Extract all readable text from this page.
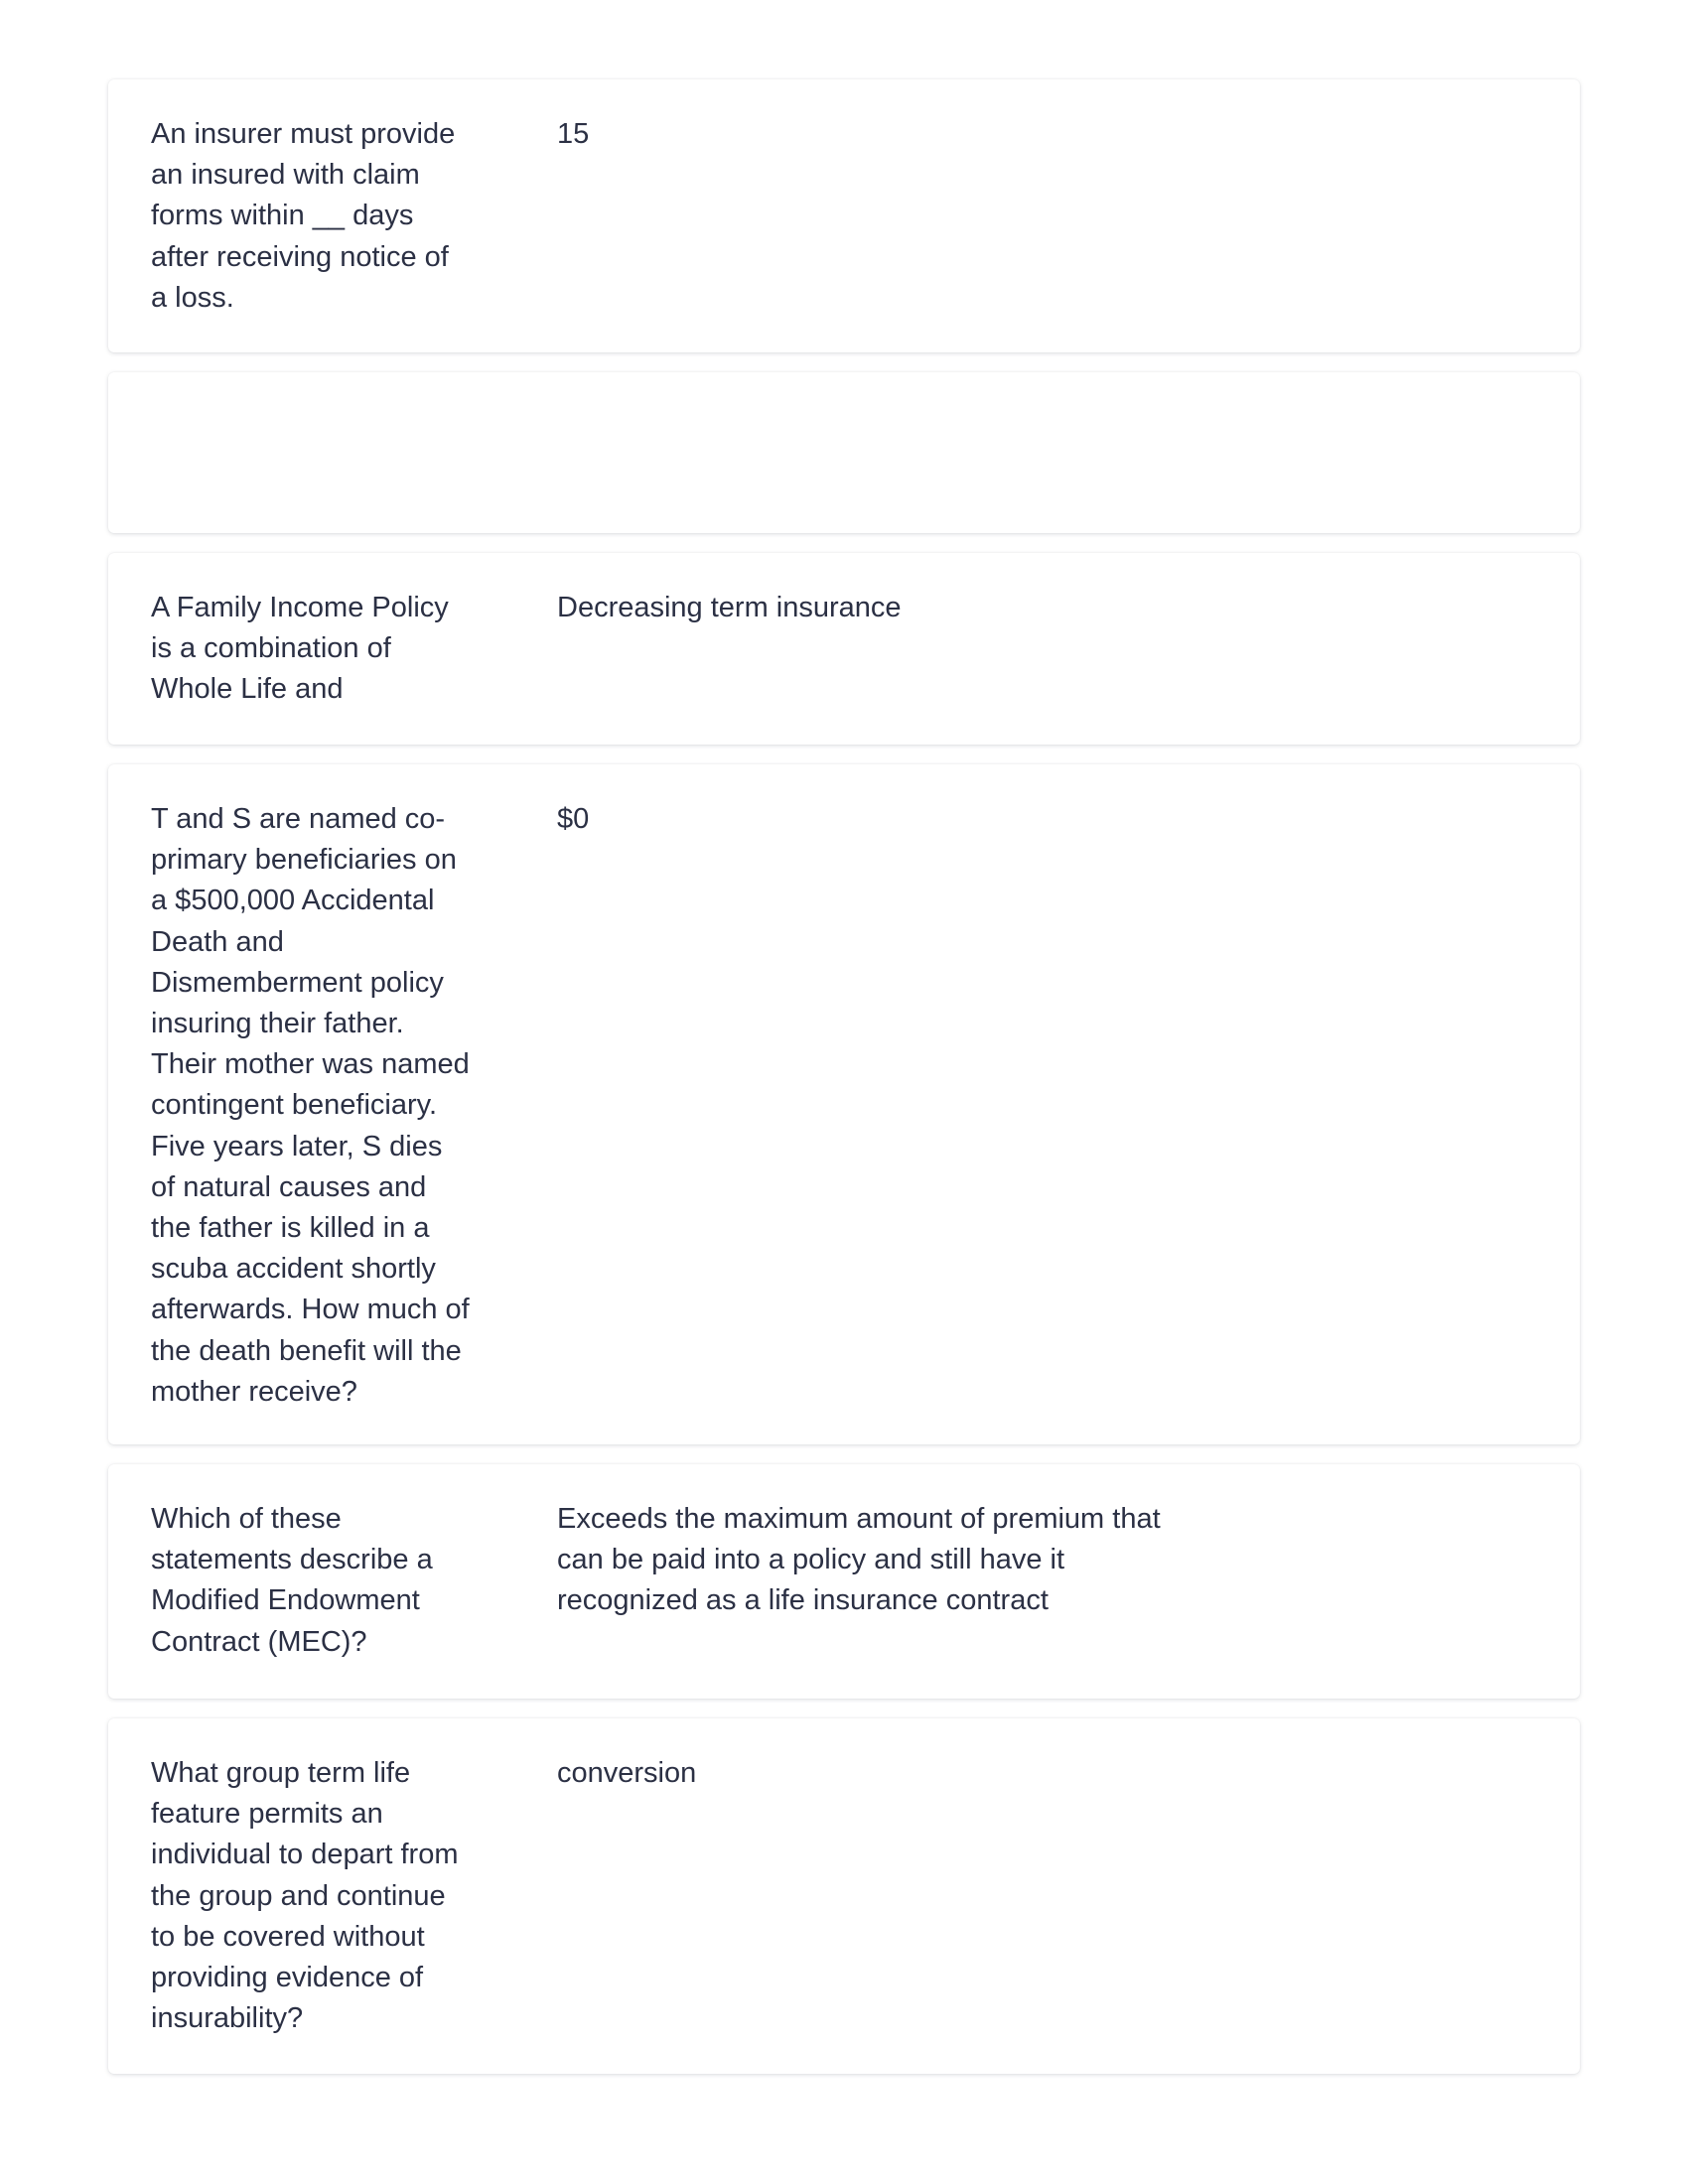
An insurer must provide
an insured with claim
forms within __ days
after receiving notice of
a loss.
15
A Family Income Policy
is a combination of
Whole Life and
Decreasing term insurance
T and S are named co-
primary beneficiaries on
a $500,000 Accidental
Death and
Dismemberment policy
insuring their father.
Their mother was named
contingent beneficiary.
Five years later, S dies
of natural causes and
the father is killed in a
scuba accident shortly
afterwards. How much of
the death benefit will the
mother receive?
$0
Which of these
statements describe a
Modified Endowment
Contract (MEC)?
Exceeds the maximum amount of premium that
can be paid into a policy and still have it
recognized as a life insurance contract
What group term life
feature permits an
individual to depart from
the group and continue
to be covered without
providing evidence of
insurability?
conversion
